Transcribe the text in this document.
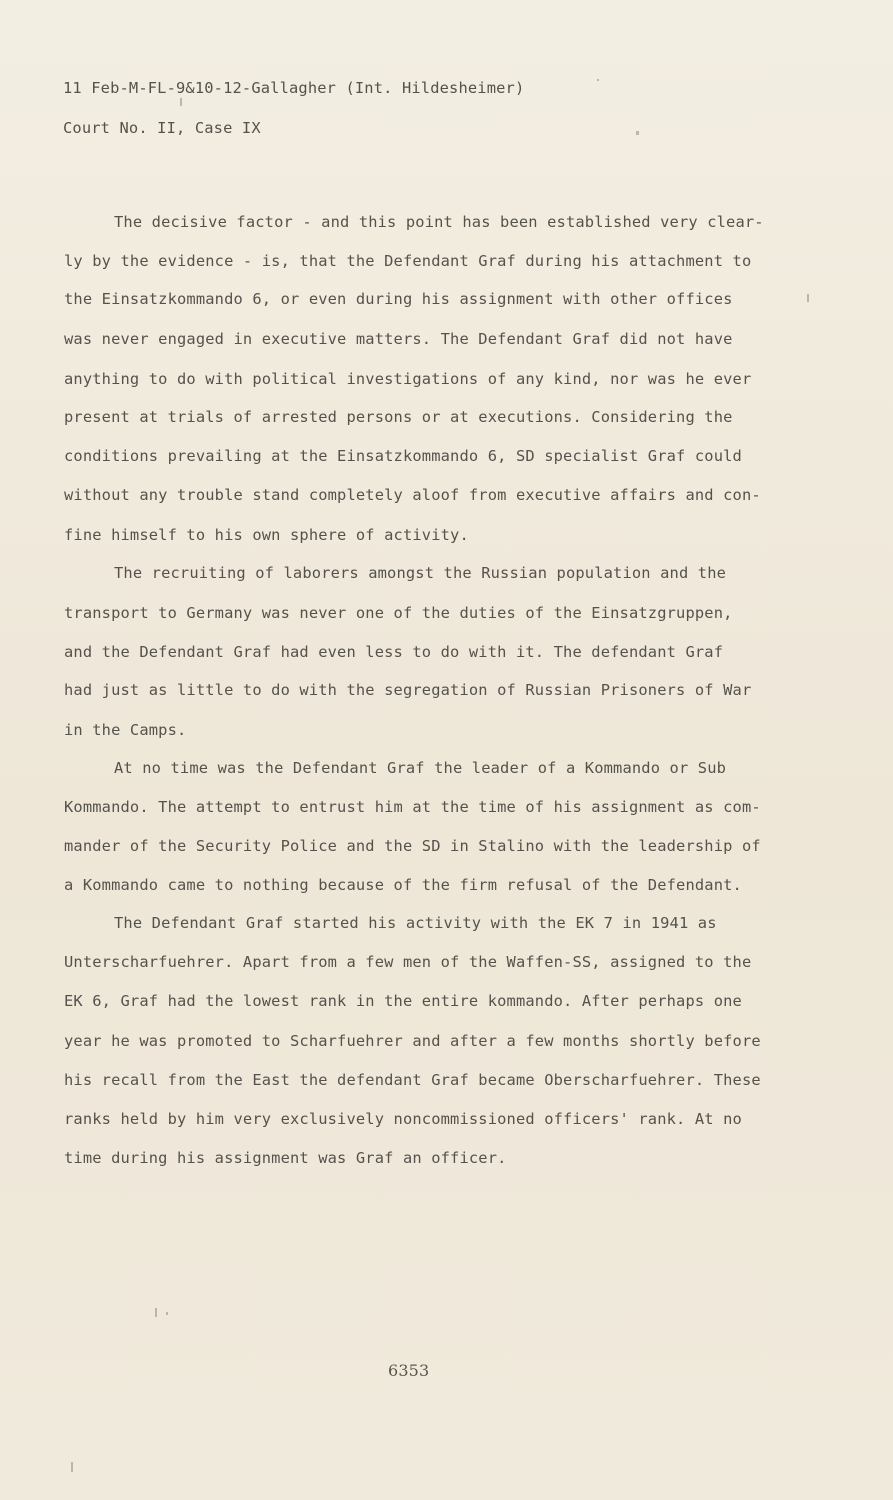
11 Feb-M-FL-9&10-12-Gallagher (Int. Hildesheimer)
Court No. II, Case IX
The decisive factor - and this point has been established very clear-
ly by the evidence - is, that the Defendant Graf during his attachment to
the Einsatzkommando 6, or even during his assignment with other offices
was never engaged in executive matters. The Defendant Graf did not have
anything to do with political investigations of any kind, nor was he ever
present at trials of arrested persons or at executions. Considering the
conditions prevailing at the Einsatzkommando 6, SD specialist Graf could
without any trouble stand completely aloof from executive affairs and con-
fine himself to his own sphere of activity.
The recruiting of laborers amongst the Russian population and the
transport to Germany was never one of the duties of the Einsatzgruppen,
and the Defendant Graf had even less to do with it. The defendant Graf
had just as little to do with the segregation of Russian Prisoners of War
in the Camps.
At no time was the Defendant Graf the leader of a Kommando or Sub
Kommando. The attempt to entrust him at the time of his assignment as com-
mander of the Security Police and the SD in Stalino with the leadership of
a Kommando came to nothing because of the firm refusal of the Defendant.
The Defendant Graf started his activity with the EK 7 in 1941 as
Unterscharfuehrer. Apart from a few men of the Waffen-SS, assigned to the
EK 6, Graf had the lowest rank in the entire kommando. After perhaps one
year he was promoted to Scharfuehrer and after a few months shortly before
his recall from the East the defendant Graf became Oberscharfuehrer. These
ranks held by him very exclusively noncommissioned officers' rank. At no
time during his assignment was Graf an officer.
6353
